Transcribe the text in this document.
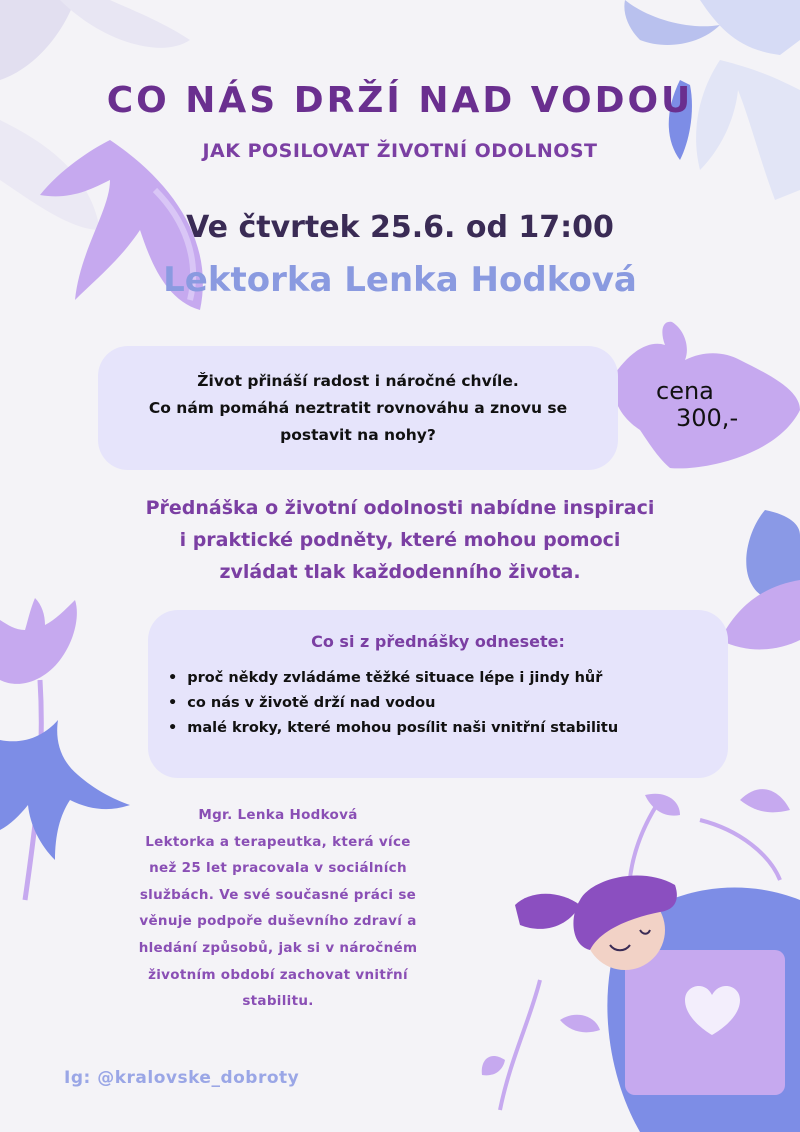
CO NÁS DRŽÍ NAD VODOU
JAK POSILOVAT ŽIVOTNÍ ODOLNOST
Ve čtvrtek 25.6. od 17:00
Lektorka Lenka Hodková

Život přináší radost i náročné chvíle.
Co nám pomáhá neztratit rovnováhu a znovu se
postavit na nohy?

cena
300,-
Přednáška o životní odolnosti nabídne inspiraci
i praktické podněty, které mohou pomoci
zvládat tlak každodenního života.
Co si z přednášky odnesete:
• proč někdy zvládáme těžké situace lépe i jindy hůř
• co nás v životě drží nad vodou
• malé kroky, které mohou posílit naši vnitřní stabilitu
Mgr. Lenka Hodková
Lektorka a terapeutka, která více
než 25 let pracovala v sociálních
službách. Ve své současné práci se
věnuje podpoře duševního zdraví a
hledání způsobů, jak si v náročném
životním období zachovat vnitřní
stabilitu.
Ig: @kralovske_dobroty
